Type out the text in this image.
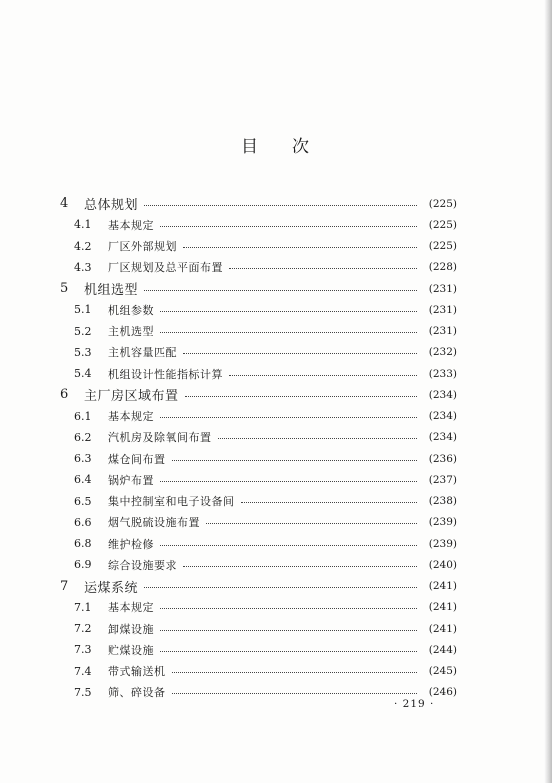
目 次
4	总体规划	(225)
4.1	基本规定	(225)
4.2	厂区外部规划	(225)
4.3	厂区规划及总平面布置	(228)
5	机组选型	(231)
5.1	机组参数	(231)
5.2	主机选型	(231)
5.3	主机容量匹配	(232)
5.4	机组设计性能指标计算	(233)
6	主厂房区域布置	(234)
6.1	基本规定	(234)
6.2	汽机房及除氧间布置	(234)
6.3	煤仓间布置	(236)
6.4	锅炉布置	(237)
6.5	集中控制室和电子设备间	(238)
6.6	烟气脱硫设施布置	(239)
6.8	维护检修	(239)
6.9	综合设施要求	(240)
7	运煤系统	(241)
7.1	基本规定	(241)
7.2	卸煤设施	(241)
7.3	贮煤设施	(244)
7.4	带式输送机	(245)
7.5	筛、碎设备	(246)
· 219 ·
